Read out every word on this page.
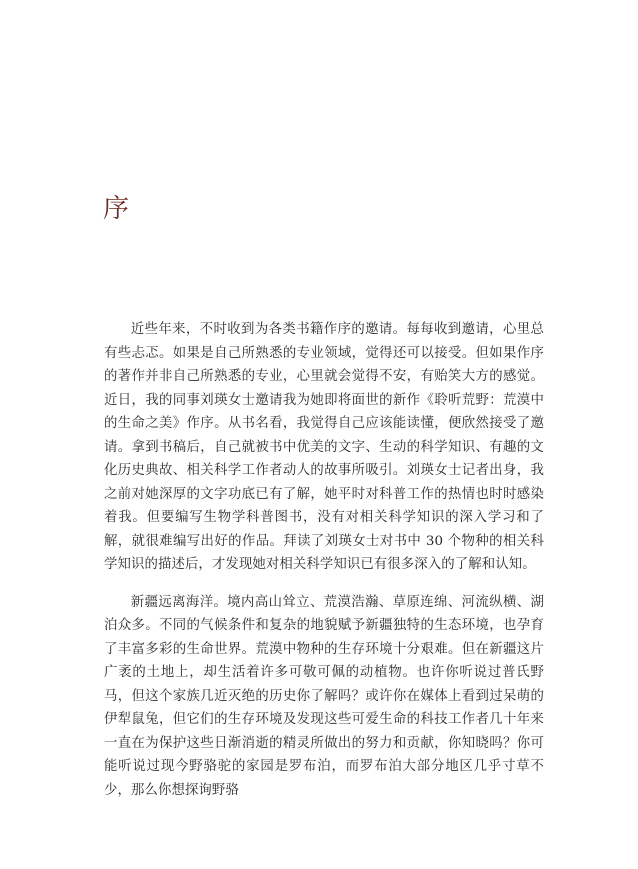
序

近些年来，不时收到为各类书籍作序的邀请。每每收到邀请，心里总有些忐忑。如果是自己所熟悉的专业领域，觉得还可以接受。但如果作序的著作并非自己所熟悉的专业，心里就会觉得不安，有贻笑大方的感觉。近日，我的同事刘瑛女士邀请我为她即将面世的新作《聆听荒野：荒漠中的生命之美》作序。从书名看，我觉得自己应该能读懂，便欣然接受了邀请。拿到书稿后，自己就被书中优美的文字、生动的科学知识、有趣的文化历史典故、相关科学工作者动人的故事所吸引。刘瑛女士记者出身，我之前对她深厚的文字功底已有了解，她平时对科普工作的热情也时时感染着我。但要编写生物学科普图书，没有对相关科学知识的深入学习和了解，就很难编写出好的作品。拜读了刘瑛女士对书中 30 个物种的相关科学知识的描述后，才发现她对相关科学知识已有很多深入的了解和认知。

新疆远离海洋。境内高山耸立、荒漠浩瀚、草原连绵、河流纵横、湖泊众多。不同的气候条件和复杂的地貌赋予新疆独特的生态环境，也孕育了丰富多彩的生命世界。荒漠中物种的生存环境十分艰难。但在新疆这片广袤的土地上，却生活着许多可敬可佩的动植物。也许你听说过普氏野马，但这个家族几近灭绝的历史你了解吗？或许你在媒体上看到过呆萌的伊犁鼠兔，但它们的生存环境及发现这些可爱生命的科技工作者几十年来一直在为保护这些日渐消逝的精灵所做出的努力和贡献，你知晓吗？你可能听说过现今野骆驼的家园是罗布泊，而罗布泊大部分地区几乎寸草不少，那么你想探询野骆
